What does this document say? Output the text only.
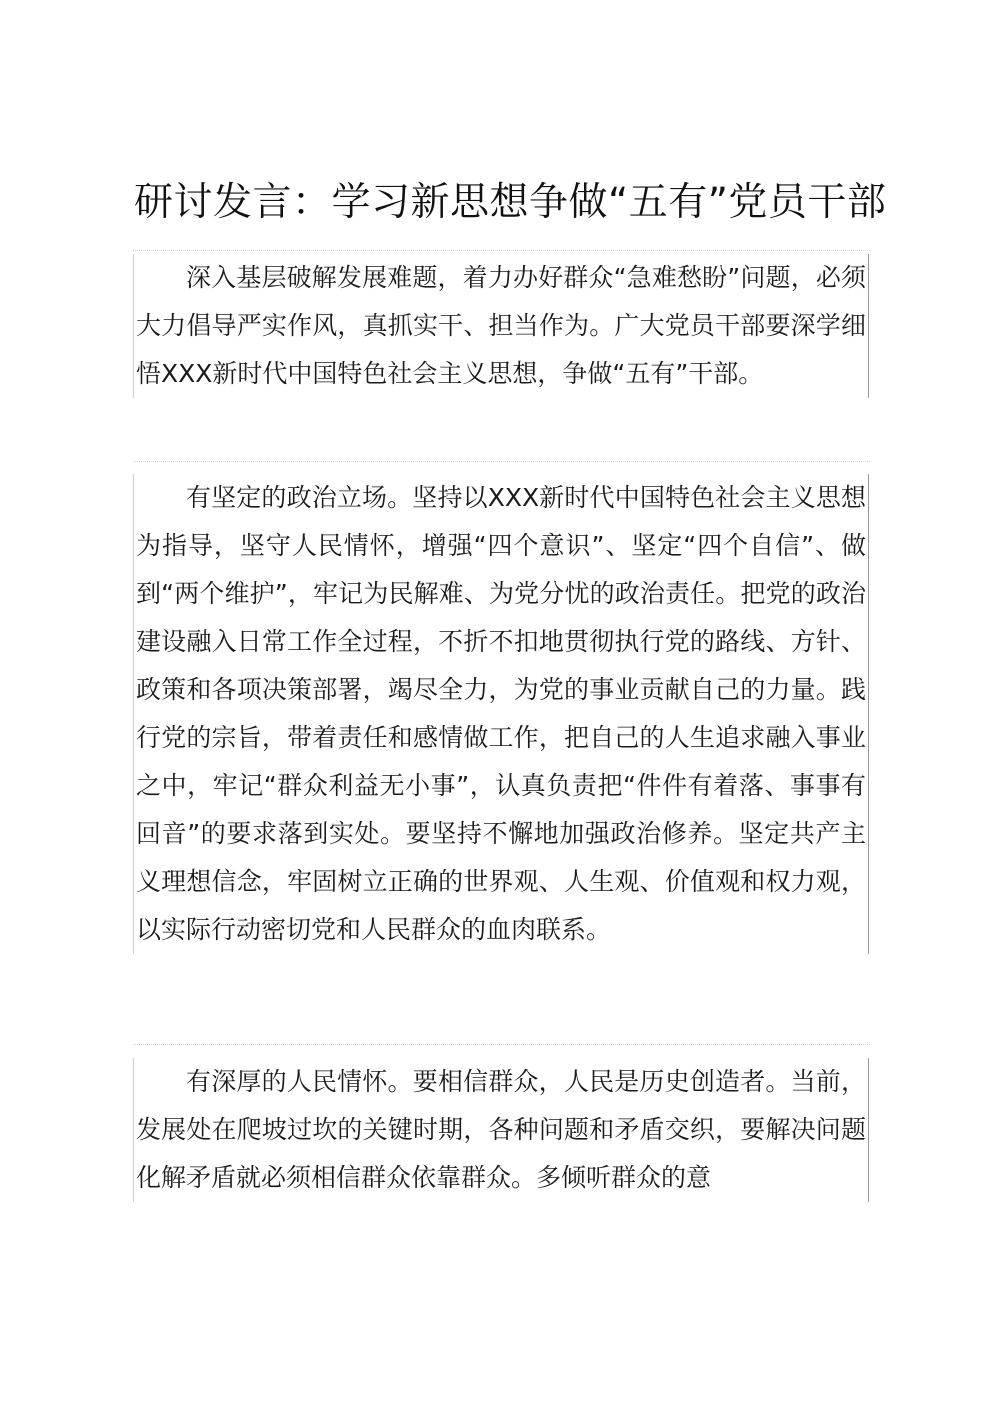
研讨发言：学习新思想争做“五有”党员干部

深入基层破解发展难题，着力办好群众“急难愁盼”问题，必须大力倡导严实作风，真抓实干、担当作为。广大党员干部要深学细悟XXX新时代中国特色社会主义思想，争做“五有”干部。

有坚定的政治立场。坚持以XXX新时代中国特色社会主义思想为指导，坚守人民情怀，增强“四个意识”、坚定“四个自信”、做到“两个维护”，牢记为民解难、为党分忧的政治责任。把党的政治建设融入日常工作全过程，不折不扣地贯彻执行党的路线、方针、政策和各项决策部署，竭尽全力，为党的事业贡献自己的力量。践行党的宗旨，带着责任和感情做工作，把自己的人生追求融入事业之中，牢记“群众利益无小事”，认真负责把“件件有着落、事事有回音”的要求落到实处。要坚持不懈地加强政治修养。坚定共产主义理想信念，牢固树立正确的世界观、人生观、价值观和权力观，以实际行动密切党和人民群众的血肉联系。

有深厚的人民情怀。要相信群众，人民是历史创造者。当前，发展处在爬坡过坎的关键时期，各种问题和矛盾交织，要解决问题化解矛盾就必须相信群众依靠群众。多倾听群众的意
